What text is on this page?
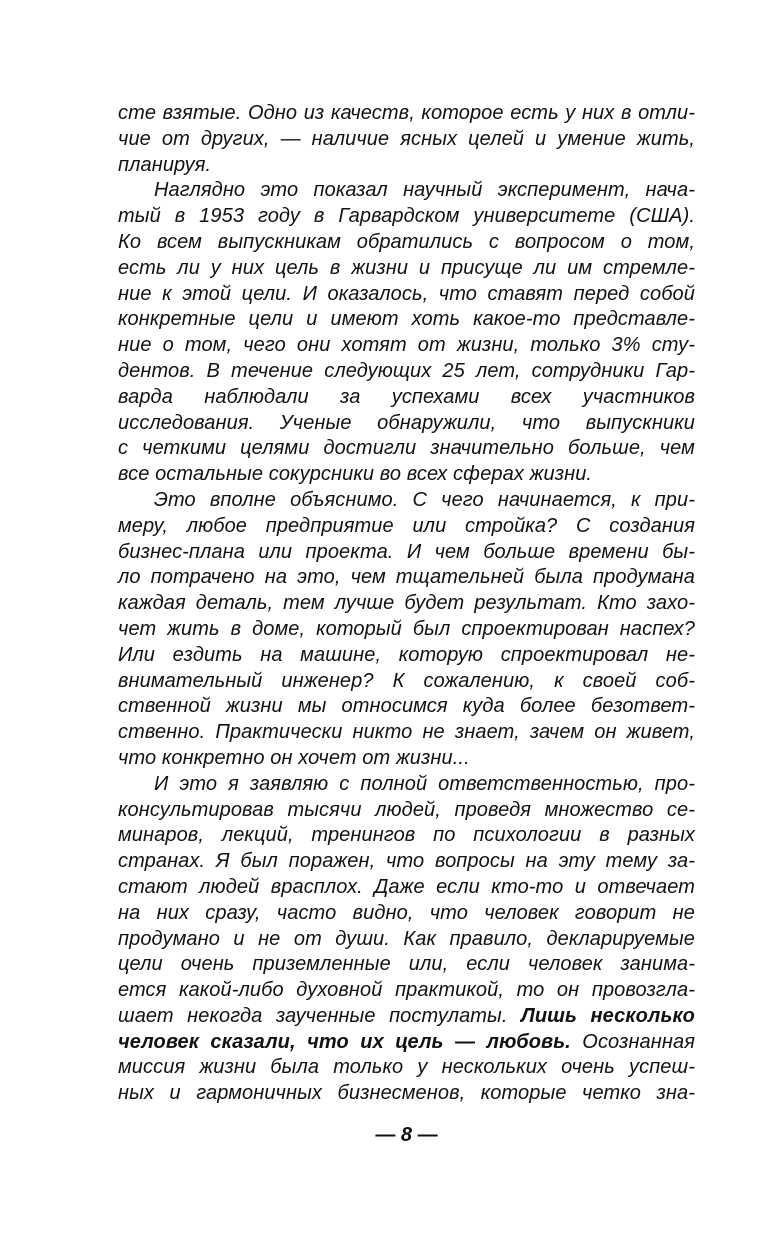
сте взятые. Одно из качеств, которое есть у них в отли-
чие от других, — наличие ясных целей и умение жить,
планируя.
Наглядно это показал научный эксперимент, нача-
тый в 1953 году в Гарвардском университете (США).
Ко всем выпускникам обратились с вопросом о том,
есть ли у них цель в жизни и присуще ли им стремле-
ние к этой цели. И оказалось, что ставят перед собой
конкретные цели и имеют хоть какое-то представле-
ние о том, чего они хотят от жизни, только 3% сту-
дентов. В течение следующих 25 лет, сотрудники Гар-
варда наблюдали за успехами всех участников
исследования. Ученые обнаружили, что выпускники
с четкими целями достигли значительно больше, чем
все остальные сокурсники во всех сферах жизни.
Это вполне объяснимо. С чего начинается, к при-
меру, любое предприятие или стройка? С создания
бизнес-плана или проекта. И чем больше времени бы-
ло потрачено на это, чем тщательней была продумана
каждая деталь, тем лучше будет результат. Кто захо-
чет жить в доме, который был спроектирован наспех?
Или ездить на машине, которую спроектировал не-
внимательный инженер? К сожалению, к своей соб-
ственной жизни мы относимся куда более безответ-
ственно. Практически никто не знает, зачем он живет,
что конкретно он хочет от жизни...
И это я заявляю с полной ответственностью, про-
консультировав тысячи людей, проведя множество се-
минаров, лекций, тренингов по психологии в разных
странах. Я был поражен, что вопросы на эту тему за-
стают людей врасплох. Даже если кто-то и отвечает
на них сразу, часто видно, что человек говорит не
продумано и не от души. Как правило, декларируемые
цели очень приземленные или, если человек занима-
ется какой-либо духовной практикой, то он провозгла-
шает некогда заученные постулаты. Лишь несколько
человек сказали, что их цель — любовь. Осознанная
миссия жизни была только у нескольких очень успеш-
ных и гармоничных бизнесменов, которые четко зна-
— 8 —
